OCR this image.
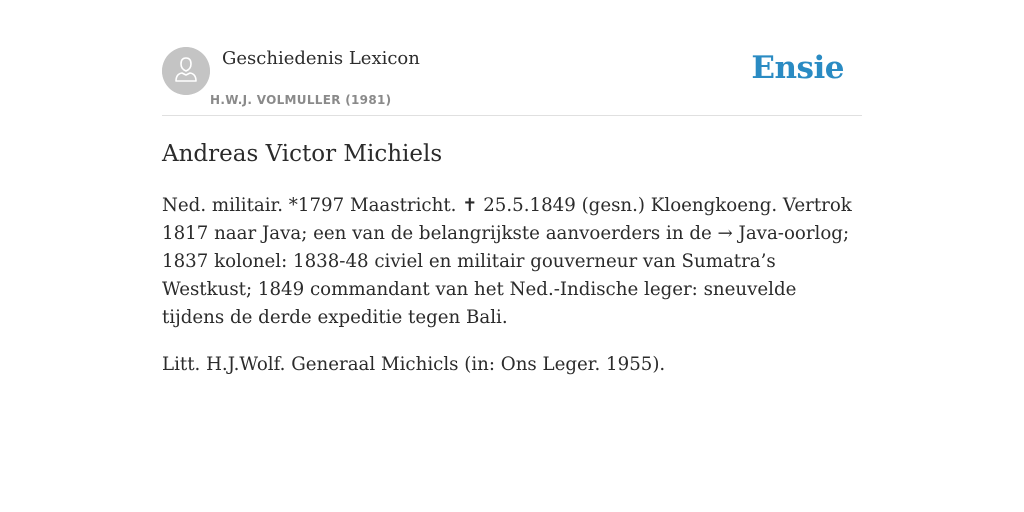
Geschiedenis Lexicon
H.W.J. VOLMULLER (1981)
Ensie
Andreas Victor Michiels

Ned. militair. *1797 Maastricht. ✝ 25.5.1849 (gesn.) Kloengkoeng. Vertrok 1817 naar Java; een van de belangrijkste aanvoerders in de → Java-oorlog; 1837 kolonel: 1838-48 civiel en militair gouverneur van Sumatra’s Westkust; 1849 commandant van het Ned.-Indische leger: sneuvelde tijdens de derde expeditie tegen Bali.

Litt. H.J.Wolf. Generaal Michicls (in: Ons Leger. 1955).
